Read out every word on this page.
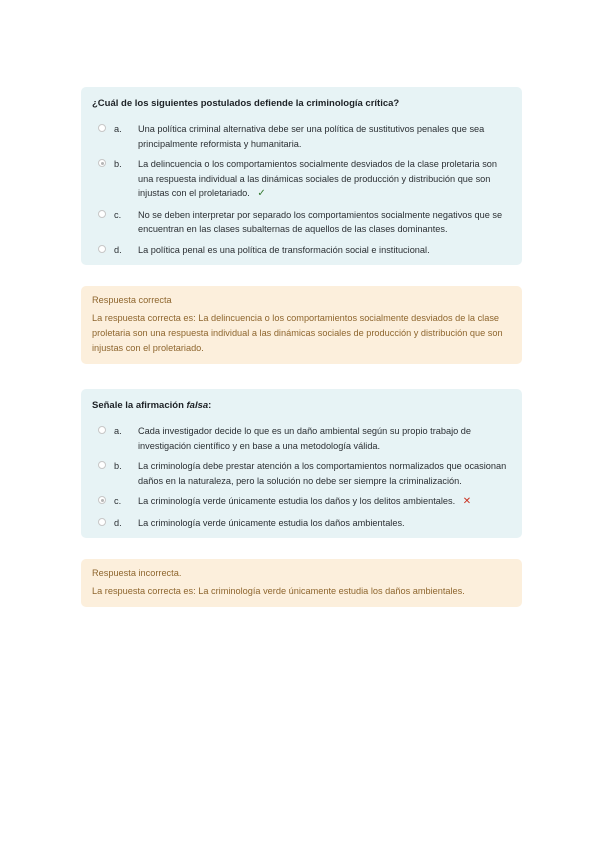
¿Cuál de los siguientes postulados defiende la criminología crítica?

a. Una política criminal alternativa debe ser una política de sustitutivos penales que sea principalmente reformista y humanitaria.
b. La delincuencia o los comportamientos socialmente desviados de la clase proletaria son una respuesta individual a las dinámicas sociales de producción y distribución que son injustas con el proletariado. ✓
c. No se deben interpretar por separado los comportamientos socialmente negativos que se encuentran en las clases subalternas de aquellos de las clases dominantes.
d. La política penal es una política de transformación social e institucional.
Respuesta correcta
La respuesta correcta es: La delincuencia o los comportamientos socialmente desviados de la clase proletaria son una respuesta individual a las dinámicas sociales de producción y distribución que son injustas con el proletariado.

Señale la afirmación falsa:

a. Cada investigador decide lo que es un daño ambiental según su propio trabajo de investigación científico y en base a una metodología válida.
b. La criminología debe prestar atención a los comportamientos normalizados que ocasionan daños en la naturaleza, pero la solución no debe ser siempre la criminalización.
c. La criminología verde únicamente estudia los daños y los delitos ambientales. ✕
d. La criminología verde únicamente estudia los daños ambientales.
Respuesta incorrecta.
La respuesta correcta es: La criminología verde únicamente estudia los daños ambientales.
